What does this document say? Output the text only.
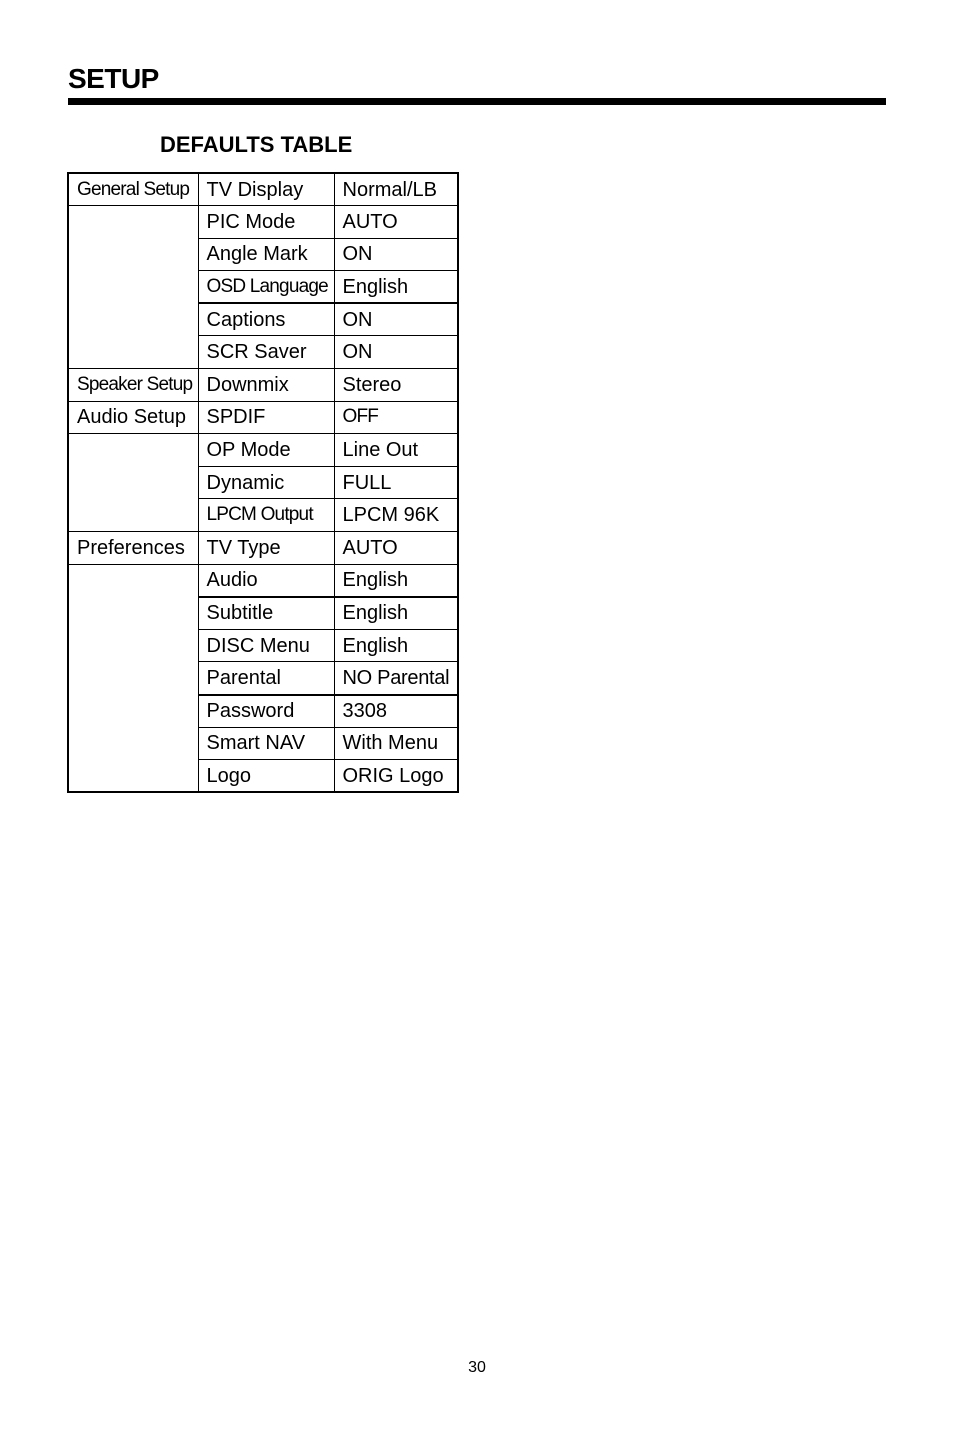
SETUP
DEFAULTS TABLE
General Setup	TV Display	Normal/LB
	PIC Mode	AUTO
	Angle Mark	ON
	OSD Language	English
	Captions	ON
	SCR Saver	ON
Speaker Setup	Downmix	Stereo
Audio Setup	SPDIF	OFF
	OP Mode	Line Out
	Dynamic	FULL
	LPCM Output	LPCM 96K
Preferences	TV Type	AUTO
	Audio	English
	Subtitle	English
	DISC Menu	English
	Parental	NO Parental
	Password	3308
	Smart NAV	With Menu
	Logo	ORIG Logo
30
